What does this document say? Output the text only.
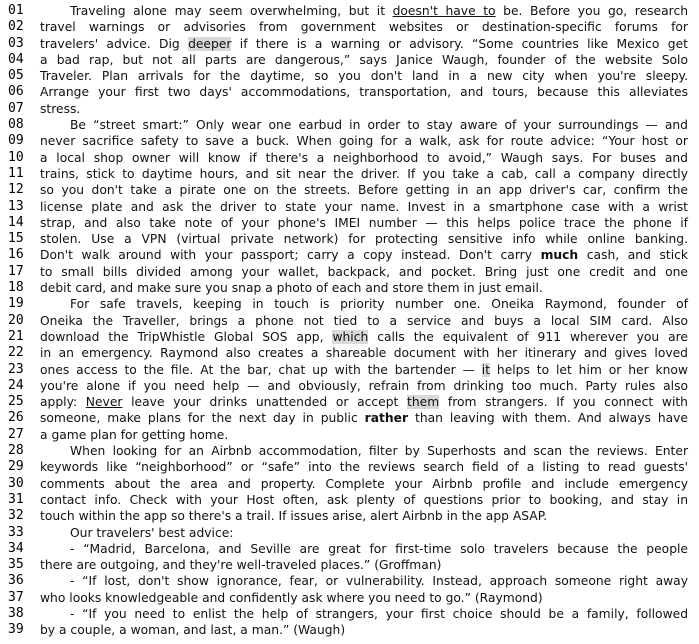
01	Traveling alone may seem overwhelming, but it doesn't have to be. Before you go, research
02	travel warnings or advisories from government websites or destination-specific forums for
03	travelers' advice. Dig deeper if there is a warning or advisory. “Some countries like Mexico get
04	a bad rap, but not all parts are dangerous,” says Janice Waugh, founder of the website Solo
05	Traveler. Plan arrivals for the daytime, so you don't land in a new city when you're sleepy.
06	Arrange your first two days' accommodations, transportation, and tours, because this alleviates
07	stress.
08	Be “street smart:” Only wear one earbud in order to stay aware of your surroundings — and
09	never sacrifice safety to save a buck. When going for a walk, ask for route advice: “Your host or
10	a local shop owner will know if there's a neighborhood to avoid,” Waugh says. For buses and
11	trains, stick to daytime hours, and sit near the driver. If you take a cab, call a company directly
12	so you don't take a pirate one on the streets. Before getting in an app driver's car, confirm the
13	license plate and ask the driver to state your name. Invest in a smartphone case with a wrist
14	strap, and also take note of your phone's IMEI number — this helps police trace the phone if
15	stolen. Use a VPN (virtual private network) for protecting sensitive info while online banking.
16	Don't walk around with your passport; carry a copy instead. Don't carry much cash, and stick
17	to small bills divided among your wallet, backpack, and pocket. Bring just one credit and one
18	debit card, and make sure you snap a photo of each and store them in just email.
19	For safe travels, keeping in touch is priority number one. Oneika Raymond, founder of
20	Oneika the Traveller, brings a phone not tied to a service and buys a local SIM card. Also
21	download the TripWhistle Global SOS app, which calls the equivalent of 911 wherever you are
22	in an emergency. Raymond also creates a shareable document with her itinerary and gives loved
23	ones access to the file. At the bar, chat up with the bartender — it helps to let him or her know
24	you're alone if you need help — and obviously, refrain from drinking too much. Party rules also
25	apply: Never leave your drinks unattended or accept them from strangers. If you connect with
26	someone, make plans for the next day in public rather than leaving with them. And always have
27	a game plan for getting home.
28	When looking for an Airbnb accommodation, filter by Superhosts and scan the reviews. Enter
29	keywords like “neighborhood” or “safe” into the reviews search field of a listing to read guests'
30	comments about the area and property. Complete your Airbnb profile and include emergency
31	contact info. Check with your Host often, ask plenty of questions prior to booking, and stay in
32	touch within the app so there's a trail. If issues arise, alert Airbnb in the app ASAP.
33	Our travelers' best advice:
34	- “Madrid, Barcelona, and Seville are great for first-time solo travelers because the people
35	there are outgoing, and they're well-traveled places.” (Groffman)
36	- “If lost, don't show ignorance, fear, or vulnerability. Instead, approach someone right away
37	who looks knowledgeable and confidently ask where you need to go.” (Raymond)
38	- “If you need to enlist the help of strangers, your first choice should be a family, followed
39	by a couple, a woman, and last, a man.” (Waugh)
